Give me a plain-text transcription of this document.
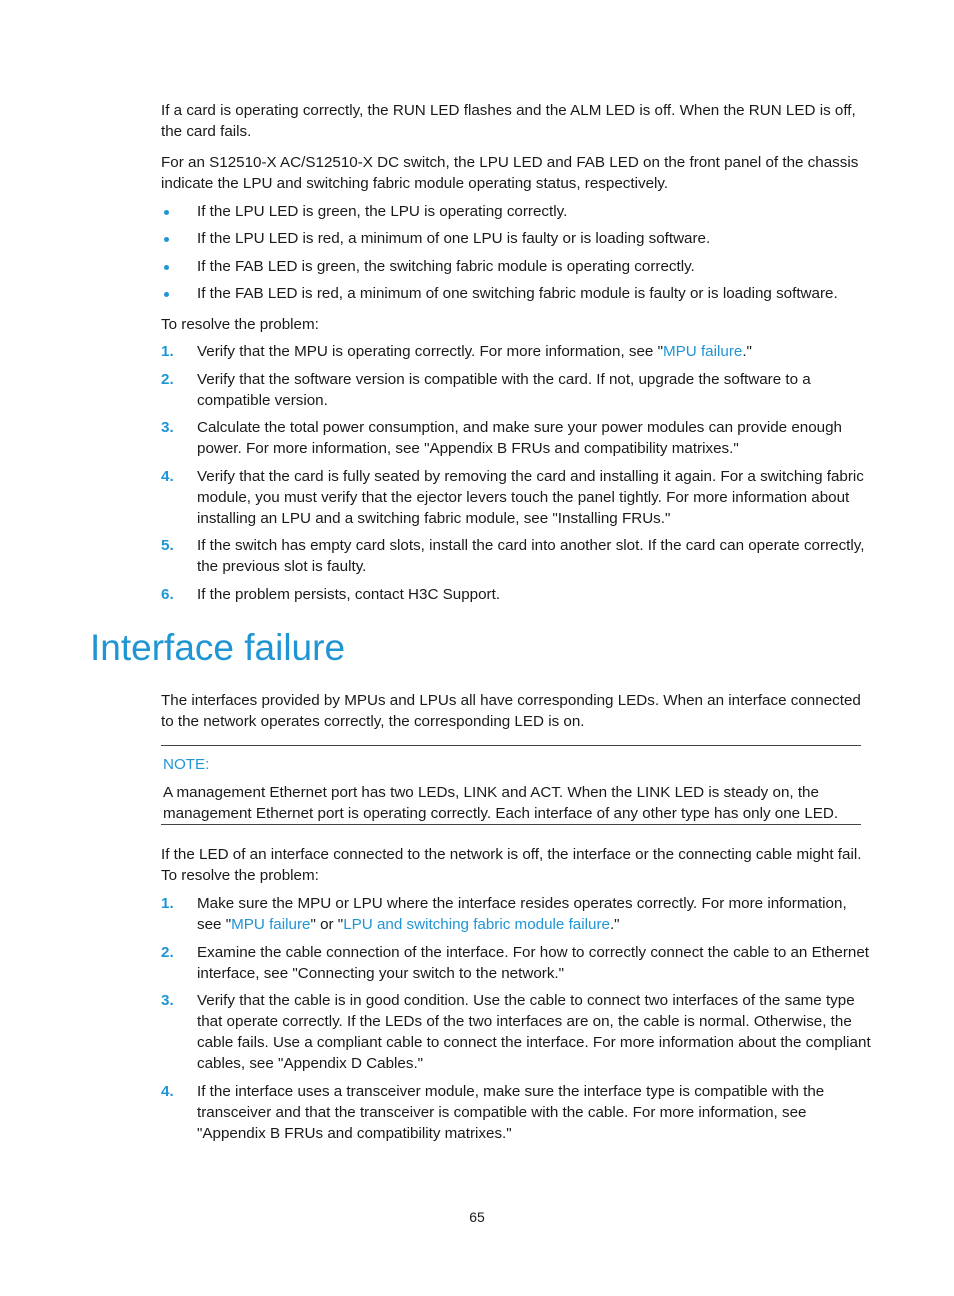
If a card is operating correctly, the RUN LED flashes and the ALM LED is off. When the RUN LED is off, the card fails.

For an S12510-X AC/S12510-X DC switch, the LPU LED and FAB LED on the front panel of the chassis indicate the LPU and switching fabric module operating status, respectively.

If the LPU LED is green, the LPU is operating correctly.
If the LPU LED is red, a minimum of one LPU is faulty or is loading software.
If the FAB LED is green, the switching fabric module is operating correctly.
If the FAB LED is red, a minimum of one switching fabric module is faulty or is loading software.

To resolve the problem:

1. Verify that the MPU is operating correctly. For more information, see "MPU failure."
2. Verify that the software version is compatible with the card. If not, upgrade the software to a compatible version.
3. Calculate the total power consumption, and make sure your power modules can provide enough power. For more information, see "Appendix B FRUs and compatibility matrixes."
4. Verify that the card is fully seated by removing the card and installing it again. For a switching fabric module, you must verify that the ejector levers touch the panel tightly. For more information about installing an LPU and a switching fabric module, see "Installing FRUs."
5. If the switch has empty card slots, install the card into another slot. If the card can operate correctly, the previous slot is faulty.
6. If the problem persists, contact H3C Support.
Interface failure

The interfaces provided by MPUs and LPUs all have corresponding LEDs. When an interface connected to the network operates correctly, the corresponding LED is on.

NOTE:

A management Ethernet port has two LEDs, LINK and ACT. When the LINK LED is steady on, the management Ethernet port is operating correctly. Each interface of any other type has only one LED.

If the LED of an interface connected to the network is off, the interface or the connecting cable might fail. To resolve the problem:

1. Make sure the MPU or LPU where the interface resides operates correctly. For more information, see "MPU failure" or "LPU and switching fabric module failure."
2. Examine the cable connection of the interface. For how to correctly connect the cable to an Ethernet interface, see "Connecting your switch to the network."
3. Verify that the cable is in good condition. Use the cable to connect two interfaces of the same type that operate correctly. If the LEDs of the two interfaces are on, the cable is normal. Otherwise, the cable fails. Use a compliant cable to connect the interface. For more information about the compliant cables, see "Appendix D Cables."
4. If the interface uses a transceiver module, make sure the interface type is compatible with the transceiver and that the transceiver is compatible with the cable. For more information, see "Appendix B FRUs and compatibility matrixes."
65
